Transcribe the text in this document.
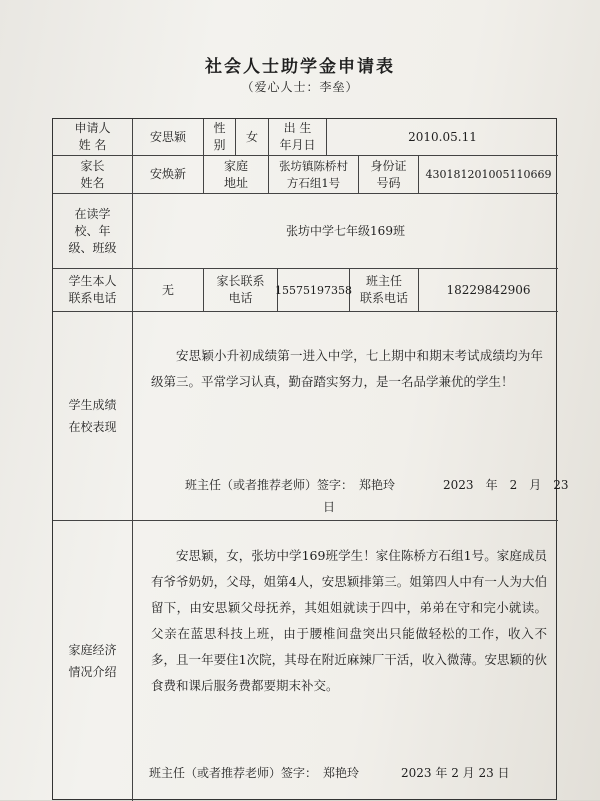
社会人士助学金申请表
（爱心人士：李垒）
申请人
姓 名
安思颖
性
别
女
出 生
年月日
2010.05.11
家长
姓名
安焕新
家庭
地址
张坊镇陈桥村
方石组1号
身份证
号码
430181201005110669
在读学
校、年
级、班级
张坊中学七年级169班
学生本人
联系电话
无
家长联系
电话
15575197358
班主任
联系电话
18229842906
学生成绩
在校表现
安思颖小升初成绩第一进入中学，七上期中和期末考试成绩均为年级第三。平常学习认真，勤奋踏实努力，是一名品学兼优的学生！
班主任（或者推荐老师）签字： 郑艳玲	2023 年 2 月 23
日
家庭经济
情况介绍
安思颖，女，张坊中学169班学生！家住陈桥方石组1号。家庭成员有爷爷奶奶，父母，姐第4人，安思颖排第三。姐第四人中有一人为大伯留下，由安思颖父母抚养，其姐姐就读于四中，弟弟在守和完小就读。父亲在蓝思科技上班，由于腰椎间盘突出只能做轻松的工作，收入不多，且一年要住1次院，其母在附近麻辣厂干活，收入微薄。安思颖的伙食费和课后服务费都要期末补交。
班主任（或者推荐老师）签字： 郑艳玲	2023 年 2 月 23 日
